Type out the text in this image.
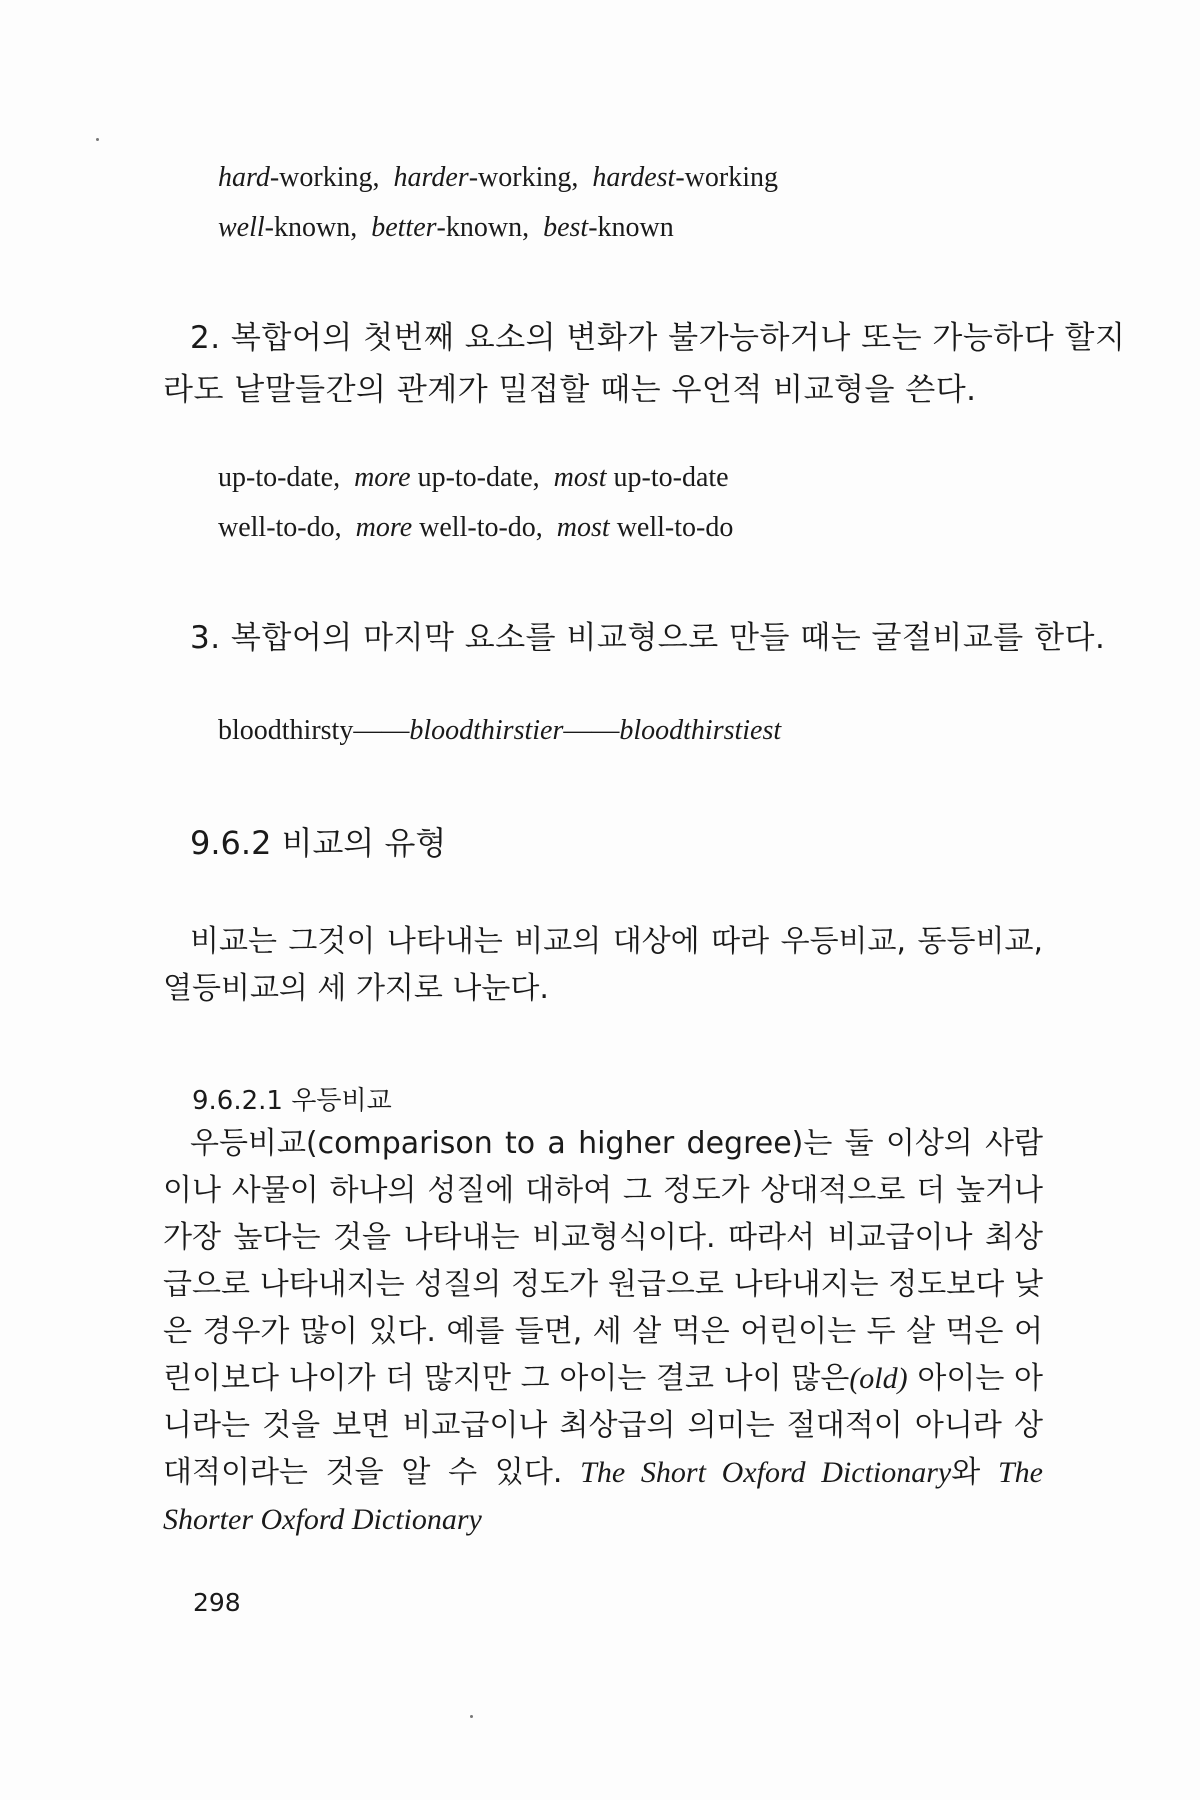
hard-working, harder-working, hardest-working
well-known, better-known, best-known
2. 복합어의 첫번째 요소의 변화가 불가능하거나 또는 가능하다 할지
라도 낱말들간의 관계가 밀접할 때는 우언적 비교형을 쓴다.
up-to-date, more up-to-date, most up-to-date
well-to-do, more well-to-do, most well-to-do
3. 복합어의 마지막 요소를 비교형으로 만들 때는 굴절비교를 한다.
bloodthirsty——bloodthirstier——bloodthirstiest
9.6.2 비교의 유형
비교는 그것이 나타내는 비교의 대상에 따라 우등비교, 동등비교, 열등비교의 세 가지로 나눈다.
9.6.2.1 우등비교
우등비교(comparison to a higher degree)는 둘 이상의 사람이나 사물이 하나의 성질에 대하여 그 정도가 상대적으로 더 높거나 가장 높다는 것을 나타내는 비교형식이다. 따라서 비교급이나 최상급으로 나타내지는 성질의 정도가 원급으로 나타내지는 정도보다 낮은 경우가 많이 있다. 예를 들면, 세 살 먹은 어린이는 두 살 먹은 어린이보다 나이가 더 많지만 그 아이는 결코 나이 많은(old) 아이는 아니라는 것을 보면 비교급이나 최상급의 의미는 절대적이 아니라 상대적이라는 것을 알 수 있다. The Short Oxford Dictionary와 The Shorter Oxford Dictionary
298
